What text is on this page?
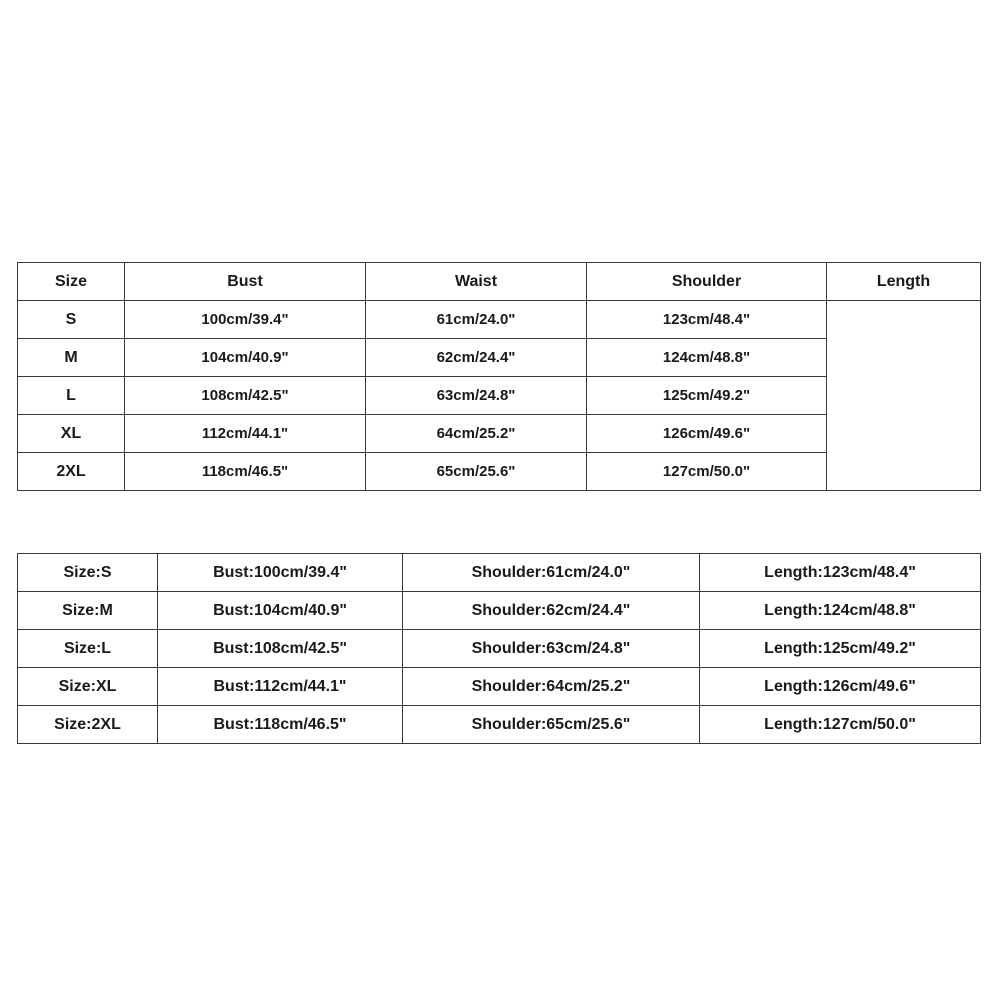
Size	Bust	Waist	Shoulder	Length
S	100cm/39.4"	61cm/24.0"	123cm/48.4"	
M	104cm/40.9"	62cm/24.4"	124cm/48.8"	
L	108cm/42.5"	63cm/24.8"	125cm/49.2"	
XL	112cm/44.1"	64cm/25.2"	126cm/49.6"	
2XL	118cm/46.5"	65cm/25.6"	127cm/50.0"	
Size:S	Bust:100cm/39.4"	Shoulder:61cm/24.0"	Length:123cm/48.4"
Size:M	Bust:104cm/40.9"	Shoulder:62cm/24.4"	Length:124cm/48.8"
Size:L	Bust:108cm/42.5"	Shoulder:63cm/24.8"	Length:125cm/49.2"
Size:XL	Bust:112cm/44.1"	Shoulder:64cm/25.2"	Length:126cm/49.6"
Size:2XL	Bust:118cm/46.5"	Shoulder:65cm/25.6"	Length:127cm/50.0"
